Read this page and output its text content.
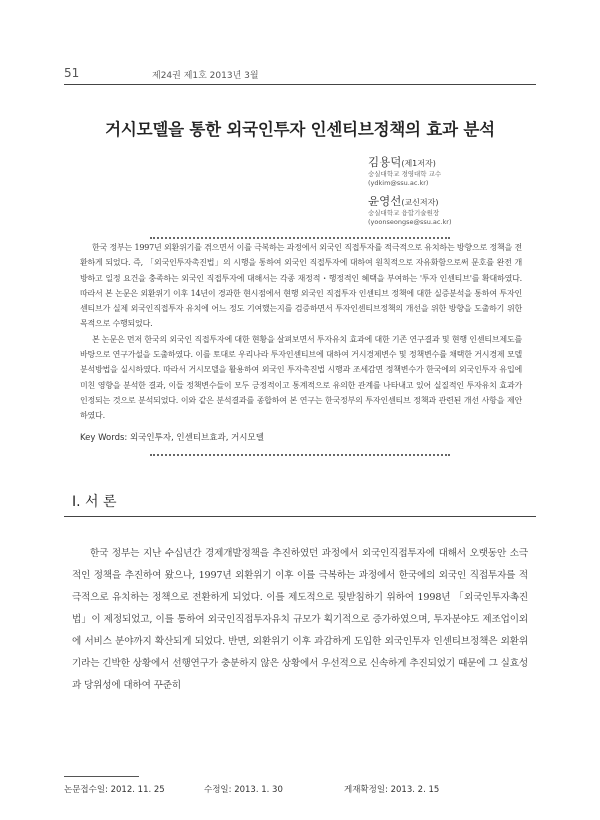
51	제24권 제1호 2013년 3월
거시모델을 통한 외국인투자 인센티브정책의 효과 분석
김용덕(제1저자)
숭실대학교 경영대학 교수
(ydkim@ssu.ac.kr)
윤영선(교신저자)
숭실대학교 융합기술원장
(yoonseongse@ssu.ac.kr)

한국 정부는 1997년 외환위기를 겪으면서 이를 극복하는 과정에서 외국인 직접투자를 적극적으로 유치하는 방향으로 정책을 전환하게 되었다. 즉, 「외국인투자촉진법」의 시행을 통하여 외국인 직접투자에 대하여 원칙적으로 자유화함으로써 문호를 완전 개방하고 일정 요건을 충족하는 외국인 직접투자에 대해서는 각종 재정적・행정적인 혜택을 부여하는 '투자 인센티브'를 확대하였다. 따라서 본 논문은 외환위기 이후 14년이 경과한 현시점에서 현행 외국인 직접투자 인센티브 정책에 대한 실증분석을 통하여 투자인센티브가 실제 외국인직접투자 유치에 어느 정도 기여했는지를 검증하면서 투자인센티브정책의 개선을 위한 방향을 도출하기 위한 목적으로 수행되었다.

본 논문은 먼저 한국의 외국인 직접투자에 대한 현황을 살펴보면서 투자유치 효과에 대한 기존 연구결과 및 현행 인센티브제도를 바탕으로 연구가설을 도출하였다. 이를 토대로 우리나라 투자인센티브에 대하여 거시경제변수 및 정책변수를 채택한 거시경제 모델 분석방법을 실시하였다. 따라서 거시모델을 활용하여 외국인 투자촉진법 시행과 조세감면 정책변수가 한국에의 외국인투자 유입에 미친 영향을 분석한 결과, 이들 정책변수들이 모두 긍정적이고 통계적으로 유의한 관계를 나타내고 있어 실질적인 투자유치 효과가 인정되는 것으로 분석되었다. 이와 같은 분석결과를 종합하여 본 연구는 한국정부의 투자인센티브 정책과 관련된 개선 사항을 제안하였다.

Key Words: 외국인투자, 인센티브효과, 거시모델
Ⅰ. 서 론

한국 정부는 지난 수십년간 경제개발정책을 추진하였던 과정에서 외국인직접투자에 대해서 오랫동안 소극적인 정책을 추진하여 왔으나, 1997년 외환위기 이후 이를 극복하는 과정에서 한국에의 외국인 직접투자를 적극적으로 유치하는 정책으로 전환하게 되었다. 이를 제도적으로 뒷받침하기 위하여 1998년 「외국인투자촉진법」이 제정되었고, 이를 통하여 외국인직접투자유치 규모가 획기적으로 증가하였으며, 투자분야도 제조업이외에 서비스 분야까지 확산되게 되었다. 반면, 외환위기 이후 과감하게 도입한 외국인투자 인센티브정책은 외환위기라는 긴박한 상황에서 선행연구가 충분하지 않은 상황에서 우선적으로 신속하게 추진되었기 때문에 그 실효성과 당위성에 대하여 꾸준히

논문접수일: 2012. 11. 25	수정일: 2013. 1. 30	게재확정일: 2013. 2. 15
